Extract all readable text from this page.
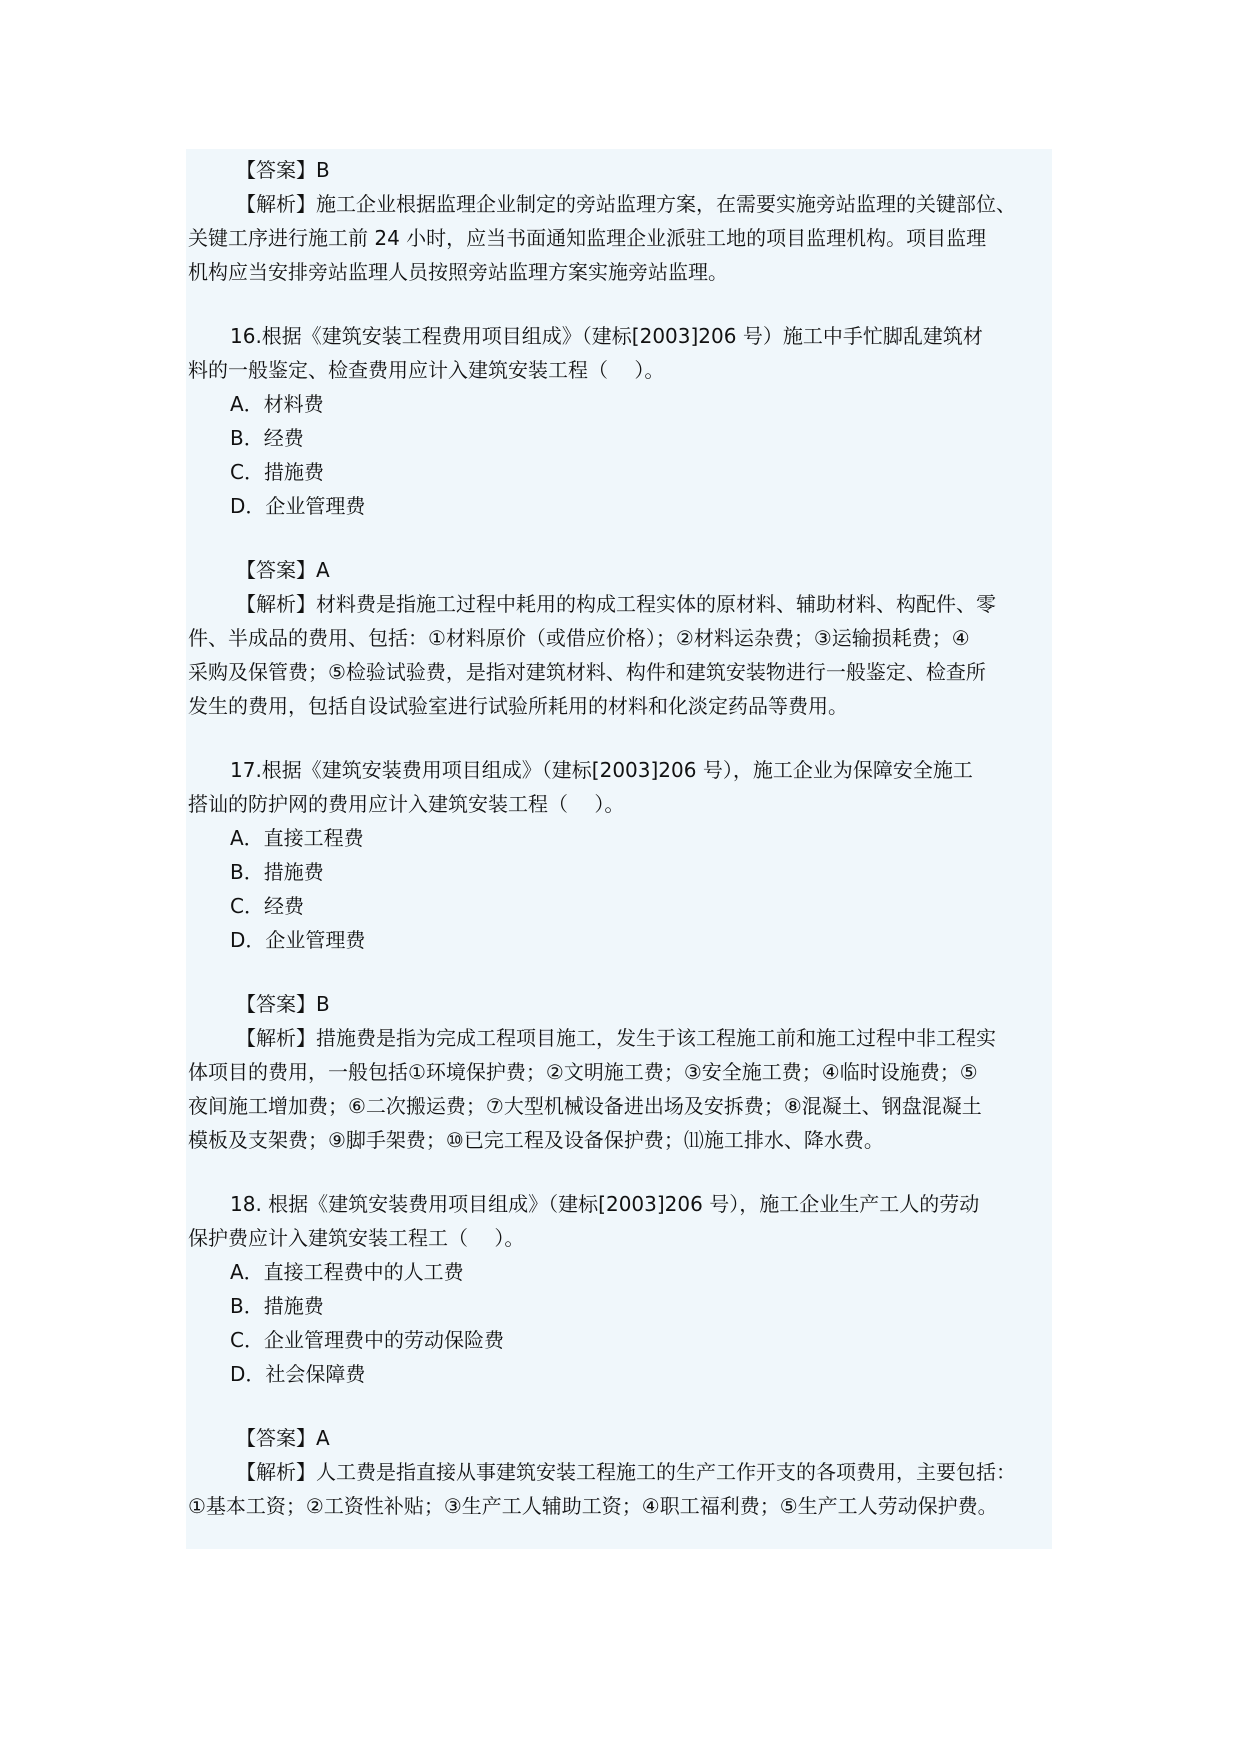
【答案】B
【解析】施工企业根据监理企业制定的旁站监理方案，在需要实施旁站监理的关键部位、
关键工序进行施工前 24 小时，应当书面通知监理企业派驻工地的项目监理机构。项目监理
机构应当安排旁站监理人员按照旁站监理方案实施旁站监理。
16.根据《建筑安装工程费用项目组成》（建标[2003]206 号）施工中手忙脚乱建筑材
料的一般鉴定、检查费用应计入建筑安装工程（　 ）。
A．材料费
B．经费
C．措施费
D．企业管理费
【答案】A
【解析】材料费是指施工过程中耗用的构成工程实体的原材料、辅助材料、构配件、零
件、半成品的费用、包括：①材料原价（或借应价格）；②材料运杂费；③运输损耗费；④
采购及保管费；⑤检验试验费，是指对建筑材料、构件和建筑安装物进行一般鉴定、检查所
发生的费用，包括自设试验室进行试验所耗用的材料和化淡定药品等费用。
17.根据《建筑安装费用项目组成》（建标[2003]206 号），施工企业为保障安全施工
搭讪的防护网的费用应计入建筑安装工程（　 ）。
A．直接工程费
B．措施费
C．经费
D．企业管理费
【答案】B
【解析】措施费是指为完成工程项目施工，发生于该工程施工前和施工过程中非工程实
体项目的费用，一般包括①环境保护费；②文明施工费；③安全施工费；④临时设施费；⑤
夜间施工增加费；⑥二次搬运费；⑦大型机械设备进出场及安拆费；⑧混凝土、钢盘混凝土
模板及支架费；⑨脚手架费；⑩已完工程及设备保护费；⑾施工排水、降水费。
18. 根据《建筑安装费用项目组成》（建标[2003]206 号），施工企业生产工人的劳动
保护费应计入建筑安装工程工（　 ）。
A．直接工程费中的人工费
B．措施费
C．企业管理费中的劳动保险费
D．社会保障费
【答案】A
【解析】人工费是指直接从事建筑安装工程施工的生产工作开支的各项费用，主要包括：
①基本工资；②工资性补贴；③生产工人辅助工资；④职工福利费；⑤生产工人劳动保护费。
